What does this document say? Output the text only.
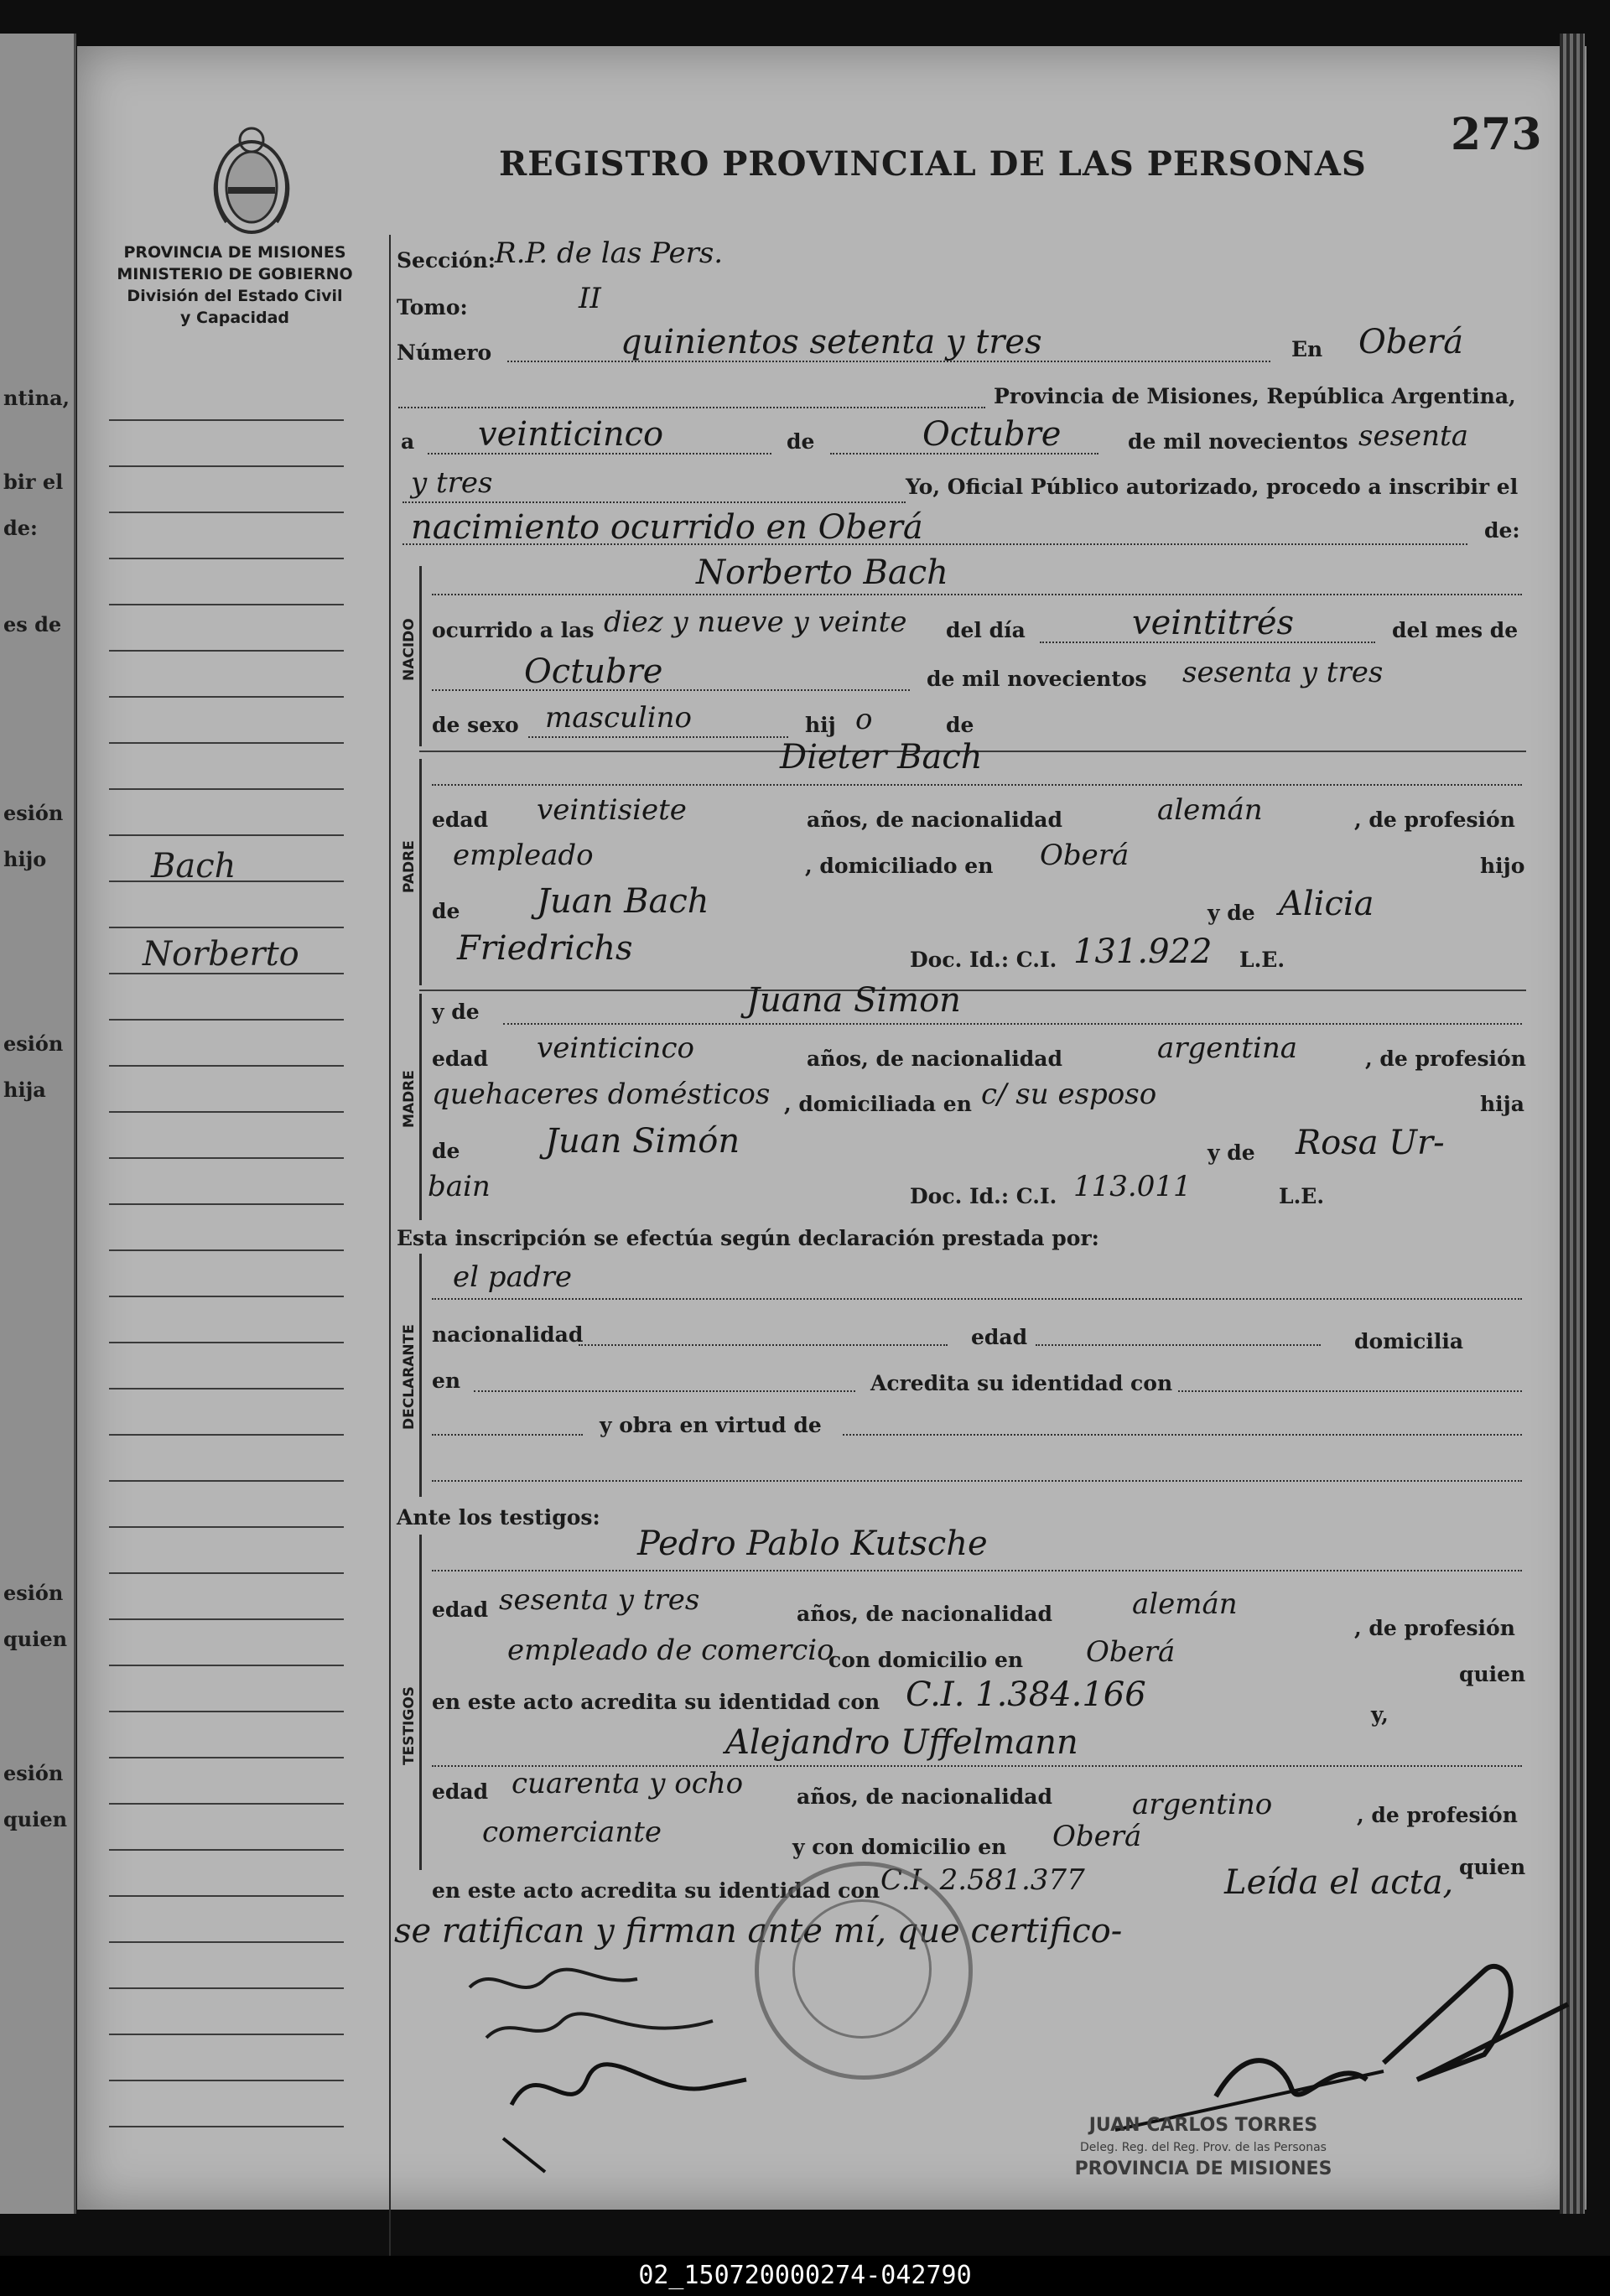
ntina,
bir el
de:
es de
esión
hijo
esión
hija
esión
quien
esión
quien
REGISTRO PROVINCIAL DE LAS PERSONAS
273
PROVINCIA DE MISIONES
MINISTERIO DE GOBIERNO
División del Estado Civil
y Capacidad
Bach
Norberto
Sección: R.P. de las Pers.
Tomo:	II
Número	quinientos setenta y tres	En Oberá
Provincia de Misiones, República Argentina,
a veinticinco	de	Octubre	de mil novecientos sesenta
y tres	Yo, Oficial Público autorizado, procedo a inscribir el
nacimiento ocurrido en Oberá	de:
NACIDO
Norberto Bach
ocurrido a las diez y nueve y veinte del día	veintitrés	del mes de
Octubre	de mil novecientos sesenta y tres
de sexo masculino	hij o	de
PADRE
Dieter Bach
edad veintisiete	años, de nacionalidad	alemán	, de profesión
empleado	, domiciliado en Oberá	hijo
de Juan Bach	y de Alicia
Friedrichs	Doc. Id.: C.I. 131.922 L.E.
MADRE
y de	Juana Simon
edad veinticinco	años, de nacionalidad	argentina	, de profesión
quehaceres domésticos , domiciliada en c/ su esposo	hija
de	Juan Simón	y de Rosa Ur-
bain	Doc. Id.: C.I. 113.011	L.E.
Esta inscripción se efectúa según declaración prestada por:
DECLARANTE
el padre
nacionalidad	edad	domicilia
en	Acredita su identidad con
y obra en virtud de
Ante los testigos:
TESTIGOS
Pedro Pablo Kutsche
edad sesenta y tres	años, de nacionalidad	alemán
, de profesión
empleado de comercio
con domicilio en Oberá
quien
en este acto acredita su identidad con C.I. 1.384.166
y,
Alejandro Uffelmann
edad cuarenta y ocho	años, de nacionalidad	argentino	, de profesión
comerciante	y con domicilio en Oberá
quien
en este acto acredita su identidad con C.I. 2.581.377	Leída el acta,
se ratifican y firman ante mí, que certifico-
JUAN CARLOS TORRES
Deleg. Reg. del Reg. Prov. de las Personas
PROVINCIA DE MISIONES
02_150720000274-042790
